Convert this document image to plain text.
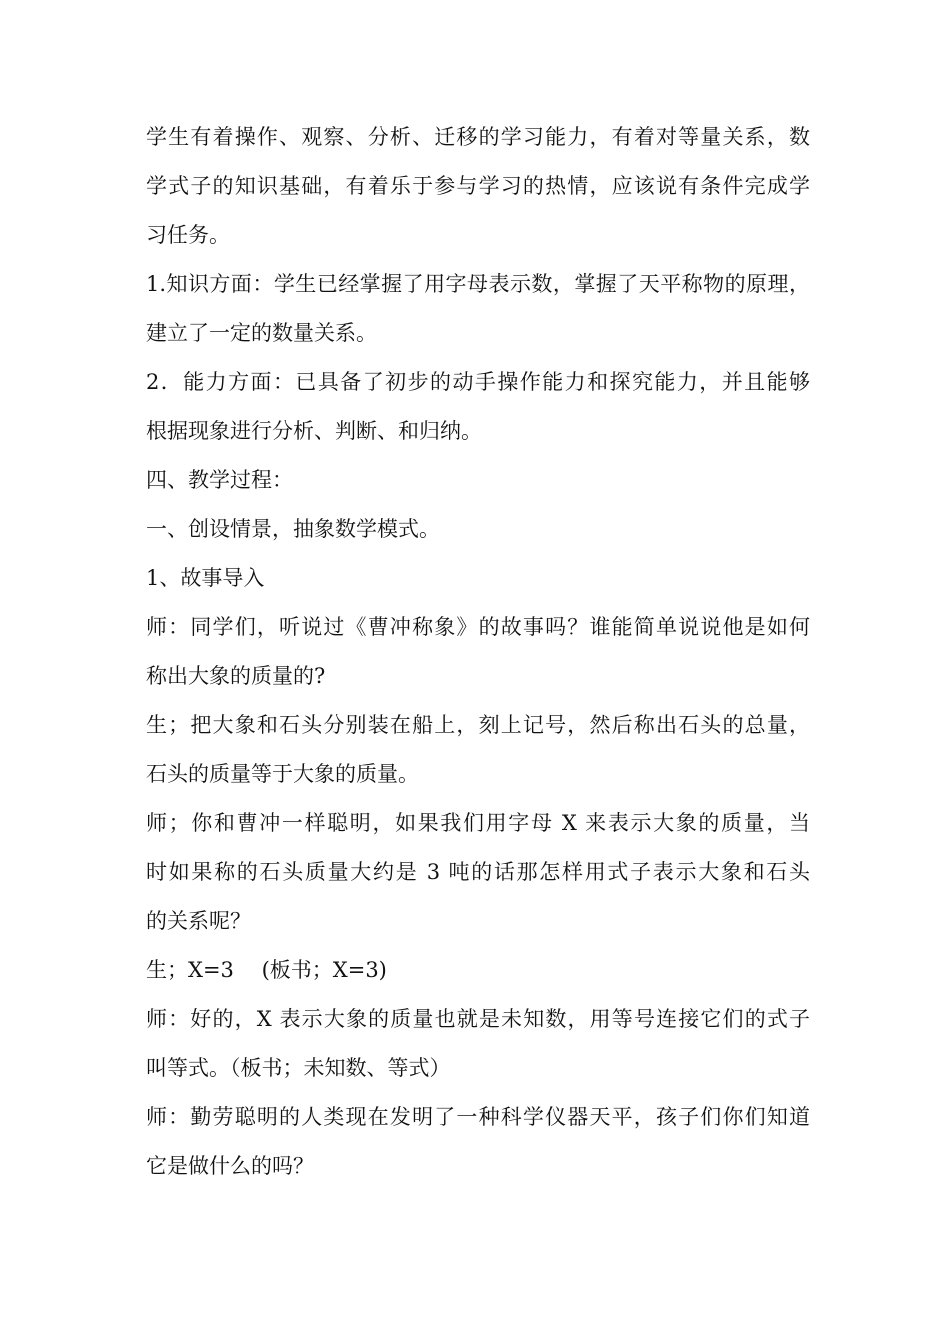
学生有着操作、观察、分析、迁移的学习能力，有着对等量关系，数
学式子的知识基础，有着乐于参与学习的热情，应该说有条件完成学
习任务。
1.知识方面：学生已经掌握了用字母表示数，掌握了天平称物的原理，
建立了一定的数量关系。
2．能力方面：已具备了初步的动手操作能力和探究能力，并且能够
根据现象进行分析、判断、和归纳。
四、教学过程：
一、创设情景，抽象数学模式。
1、故事导入
师：同学们，听说过《曹冲称象》的故事吗？谁能简单说说他是如何
称出大象的质量的?
生；把大象和石头分别装在船上，刻上记号，然后称出石头的总量，
石头的质量等于大象的质量。
师；你和曹冲一样聪明，如果我们用字母 X 来表示大象的质量，当
时如果称的石头质量大约是 3 吨的话那怎样用式子表示大象和石头
的关系呢？
生；X=3　 (板书；X=3)
师：好的，X 表示大象的质量也就是未知数，用等号连接它们的式子
叫等式。（板书；未知数、等式）
师：勤劳聪明的人类现在发明了一种科学仪器天平，孩子们你们知道
它是做什么的吗？
